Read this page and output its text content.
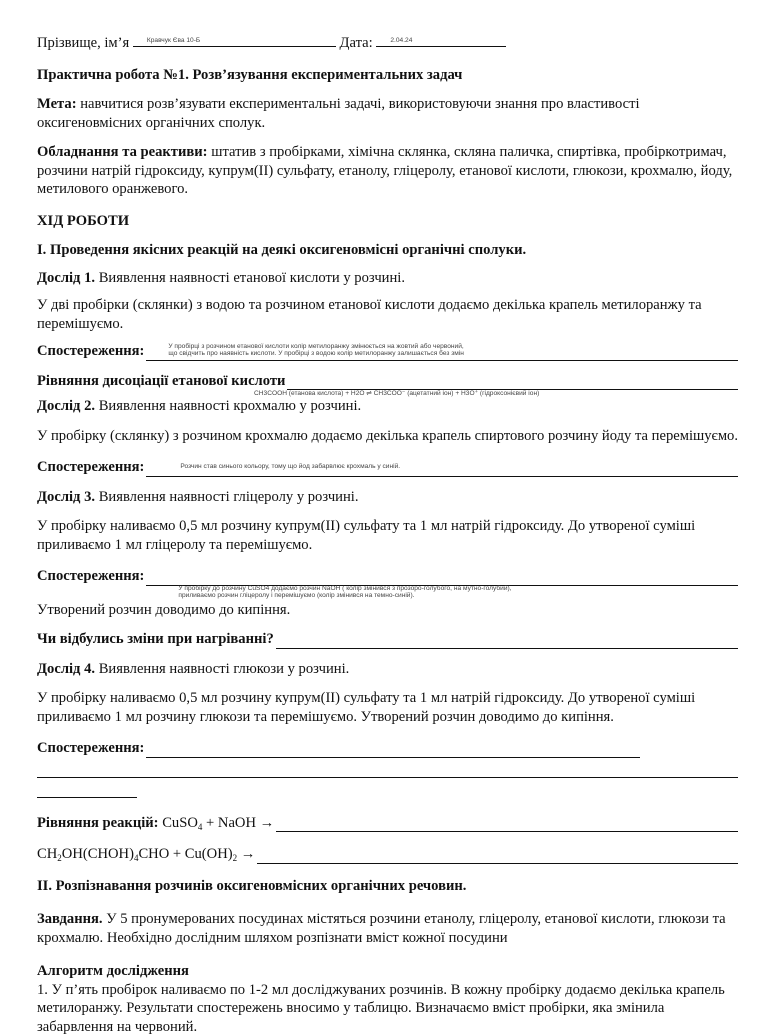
Прізвище, ім’я	Кравчук Єва 10-Б	Дата:	2.04.24

Практична робота №1. Розв’язування експериментальних задач

Мета: навчитися розв’язувати експериментальні задачі, використовуючи знання про властивості оксигеновмісних органічних сполук.

Обладнання та реактиви: штатив з пробірками, хімічна склянка, скляна паличка, спиртівка, пробіркотримач, розчини натрій гідроксиду, купрум(ІІ) сульфату, етанолу, гліцеролу, етанової кислоти, глюкози, крохмалю, йоду, метилового оранжевого.

ХІД РОБОТИ

І. Проведення якісних реакцій на деякі оксигеновмісні органічні сполуки.

Дослід 1. Виявлення наявності етанової кислоти у розчині.

У дві пробірки (склянки) з водою та розчином етанової кислоти додаємо декілька крапель метилоранжу та перемішуємо.

Спостереження:	У пробірці з розчином етанової кислоти колір метилоранжу змінюється на жовтий або червоний,
що свідчить про наявність кислоти. У пробірці з водою колір метилоранжу залишається без змін
Рівняння дисоціації етанової кислоти
CH3COOH (етанова кислота) + H2O ⇌ CH3COO⁻ (ацетатний іон) + H3O⁺ (гідроксонієвий іон)

Дослід 2. Виявлення наявності крохмалю у розчині.

У пробірку (склянку) з розчином крохмалю додаємо декілька крапель спиртового розчину йоду та перемішуємо.

Спостереження:	Розчин став синього кольору, тому що йод забарвлює крохмаль у синій.

Дослід 3. Виявлення наявності гліцеролу у розчині.

У пробірку наливаємо 0,5 мл розчину купрум(ІІ) сульфату та 1 мл натрій гідроксиду. До утвореної суміші приливаємо 1 мл гліцеролу та перемішуємо.

Спостереження:
У пробірку до розчину CuSO4 додаємо розчин NaOH ( колір змінився з прозоро-голубого, на мутно-голубий),
приливаємо розчин гліцеролу і перемішуємо (колір змінився на темно-синій).

Утворений розчин доводимо до кипіння.

Чи відбулись зміни при нагріванні?

Дослід 4. Виявлення наявності глюкози у розчині.

У пробірку наливаємо 0,5 мл розчину купрум(ІІ) сульфату та 1 мл натрій гідроксиду. До утвореної суміші приливаємо 1 мл розчину глюкози та перемішуємо. Утворений розчин доводимо до кипіння.

Спостереження:
Рівняння реакцій: CuSO$_4$ + NaOH →
$CH_2OH(CHOH)_4CHO + Cu(OH)_2$ →

ІІ. Розпізнавання розчинів оксигеновмісних органічних речовин.

Завдання. У 5 пронумерованих посудинах містяться розчини етанолу, гліцеролу, етанової кислоти, глюкози та крохмалю. Необхідно дослідним шляхом розпізнати вміст кожної посудини

Алгоритм дослідження

1. У п’ять пробірок наливаємо по 1-2 мл досліджуваних розчинів. В кожну пробірку додаємо декілька крапель метилоранжу. Результати спостережень вносимо у таблицю. Визначаємо вміст пробірки, яка змінила забарвлення на червоний.
